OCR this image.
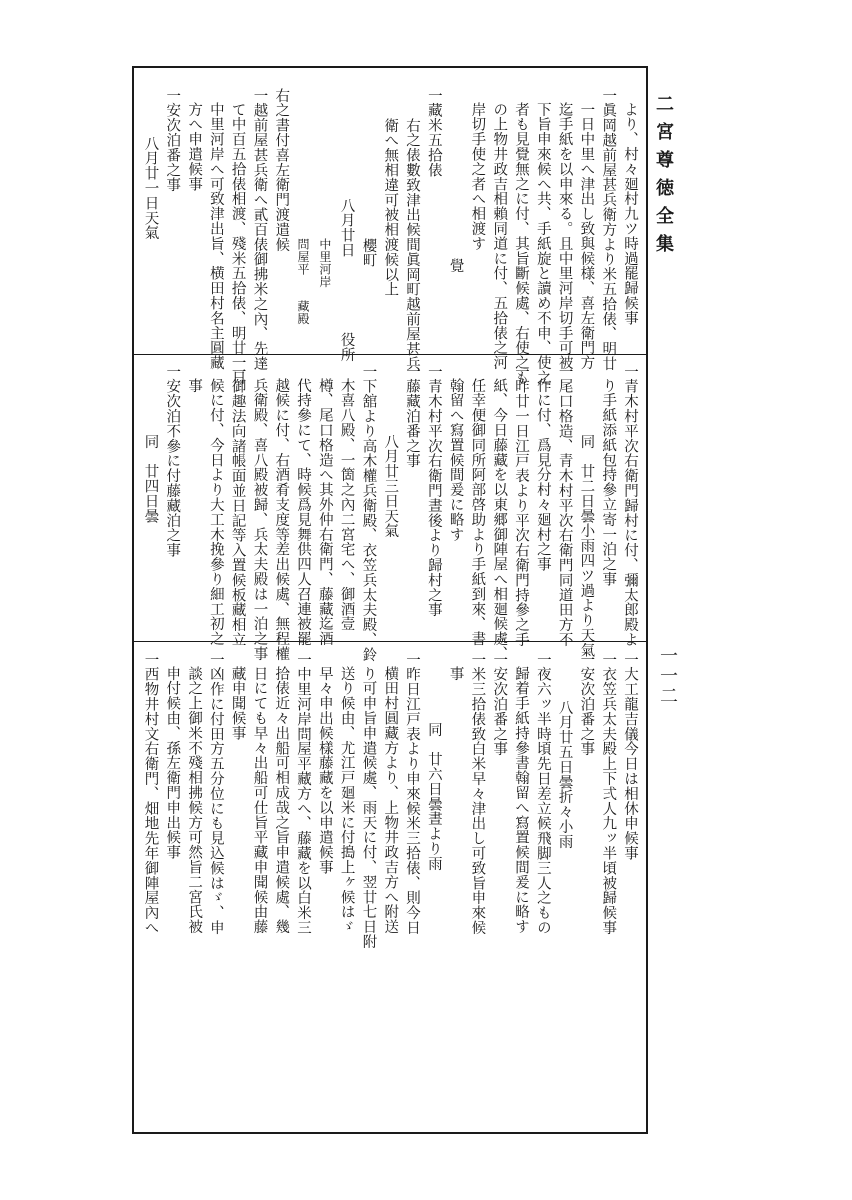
二宮尊徳全集
一一二

より、村々廻村九ツ時過罷歸候事

一眞岡越前屋甚兵衛方より米五拾俵、明廿

一日中里へ津出し致與候様、喜左衛門方

迄手紙を以申來る。且中里河岸切手可被

下旨申來候へ共、手紙旋と讀め不申、使之

者も見覺無之に付、其旨斷候處、右使之も

の上物井政吉相賴同道に付、五拾俵之河

岸切手使之者へ相渡す

覺

一藏米五拾俵

右之俵數致津出候間眞岡町越前屋甚兵

衛へ無相違可被相渡候以上

櫻町

八月廿日　　　　　役所

中里河岸

問屋平　　藏殿

右之書付喜左衛門渡遣候

一越前屋甚兵衛へ貳百俵御拂米之內、先達

て中百五拾俵相渡、殘米五拾俵、明廿一日

中里河岸へ可致津出旨、横田村名主圓藏

方へ申遣候事

一安次泊番之事

八月廿一日天氣

一青木村平次右衛門歸村に付、彌太郎殿よ

り手紙添紙包持參立寄一泊之事

同　廿二日曇小雨四ツ過より天氣

一尾口格造、青木村平次右衛門同道田方不

作に付、爲見分村々廻村之事

一昨廿一日江戸表より平次右衛門持參之手

紙、今日藤藏を以東郷御陣屋へ相廻候處、

任幸便御同所阿部啓助より手紙到來、書

翰留へ寫置候間爰に略す

一青木村平次右衛門晝後より歸村之事

一藤藏泊番之事

八月廿三日天氣

一下舘より高木權兵衛殿、衣笠兵太夫殿、鈴

木喜八殿、一箇之內二宮宅へ、御酒壹

樽、尾口格造へ其外仲右衛門、藤藏迄酒

代持參にて、時候爲見舞供四人召連被罷

越候に付、右酒肴支度等差出候處、無程權

兵衛殿、喜八殿被歸、兵太夫殿は一泊之事

一御趣法向諸帳面並日記等入置候板藏相立

候に付、今日より大工木挽參り細工初之

事

一安次泊不參に付藤藏泊之事

同　廿四日曇

一大工龍吉儀今日は相休申候事

一衣笠兵太夫殿上下弍人九ッ半頃被歸候事

一安次泊番之事

八月廿五日曇折々小雨

一夜六ッ半時頃先日差立候飛脚三人之もの

歸着手紙持參書翰留へ寫置候間爰に略す

一安次泊番之事

一米三拾俵致白米早々津出し可致旨申來候

事

同　廿六日曇晝より雨

一昨日江戸表より申來候米三拾俵、則今日

横田村圓藏方より、上物井政吉方へ附送

り可申旨申遣候處、雨天に付、翌廿七日附

送り候由、尤江戸廻米に付搗上ヶ候はゞ

早々申出候樣藤藏を以申遣候事

一中里河岸問屋平藏方へ、藤藏を以白米三

拾俵近々出船可相成哉之旨申遣候處、幾

日にても早々出船可仕旨平藏申聞候由藤

藏申聞候事

一凶作に付田方五分位にも見込候はゞ、申

談之上御米不殘相拂候方可然旨二宮氏被

申付候由、孫左衛門申出候事

一西物井村文右衛門、畑地先年御陣屋內へ
